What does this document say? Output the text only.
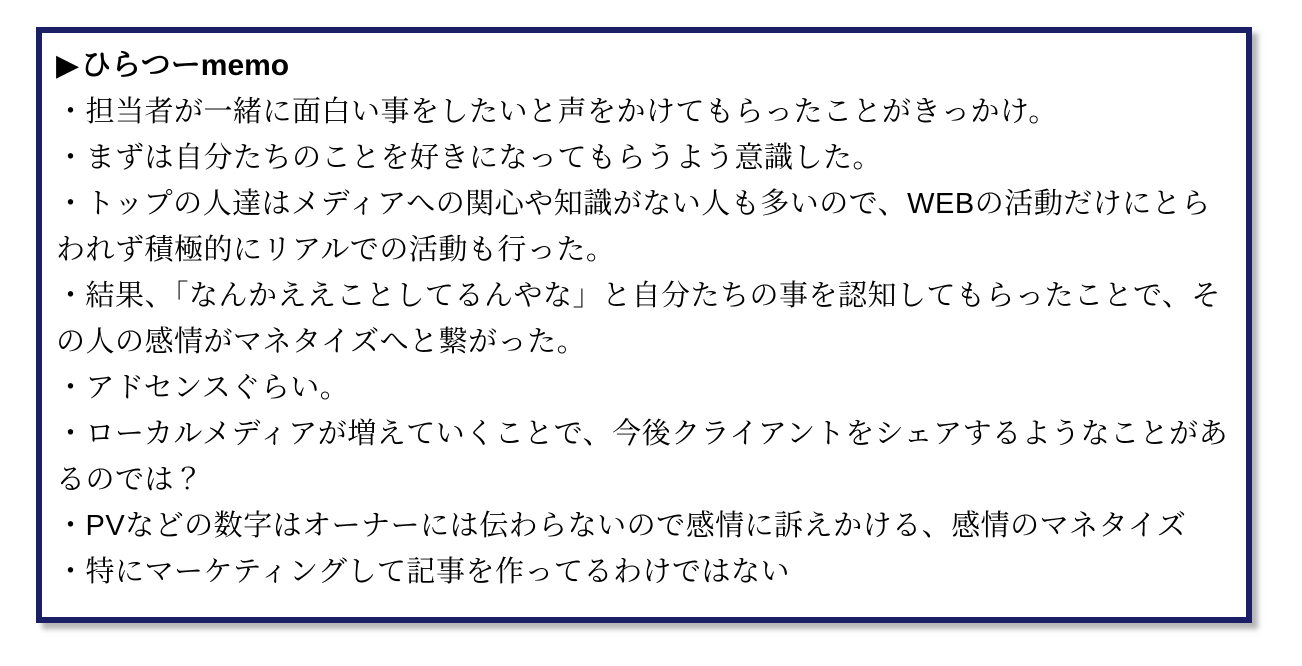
▶ひらつーmemo

・担当者が一緒に面白い事をしたいと声をかけてもらったことがきっかけ。

・まずは自分たちのことを好きになってもらうよう意識した。

・トップの人達はメディアへの関心や知識がない人も多いので、WEBの活動だけにとらわれず積極的にリアルでの活動も行った。

・結果、「なんかええことしてるんやな」と自分たちの事を認知してもらったことで、その人の感情がマネタイズへと繋がった。

・アドセンスぐらい。

・ローカルメディアが増えていくことで、今後クライアントをシェアするようなことがあるのでは？

・PVなどの数字はオーナーには伝わらないので感情に訴えかける、感情のマネタイズ

・特にマーケティングして記事を作ってるわけではない
